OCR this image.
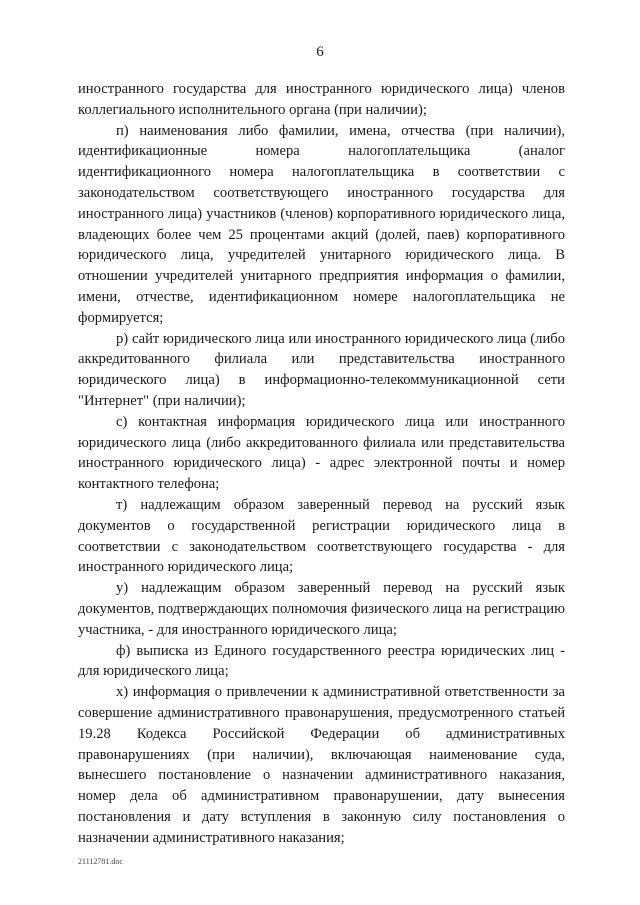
6

иностранного государства для иностранного юридического лица) членов коллегиального исполнительного органа (при наличии);

п) наименования либо фамилии, имена, отчества (при наличии), идентификационные номера налогоплательщика (аналог идентификационного номера налогоплательщика в соответствии с законодательством соответствующего иностранного государства для иностранного лица) участников (членов) корпоративного юридического лица, владеющих более чем 25 процентами акций (долей, паев) корпоративного юридического лица, учредителей унитарного юридического лица. В отношении учредителей унитарного предприятия информация о фамилии, имени, отчестве, идентификационном номере налогоплательщика не формируется;

р) сайт юридического лица или иностранного юридического лица (либо аккредитованного филиала или представительства иностранного юридического лица) в информационно-телекоммуникационной сети "Интернет" (при наличии);

с) контактная информация юридического лица или иностранного юридического лица (либо аккредитованного филиала или представительства иностранного юридического лица) - адрес электронной почты и номер контактного телефона;

т) надлежащим образом заверенный перевод на русский язык документов о государственной регистрации юридического лица в соответствии с законодательством соответствующего государства - для иностранного юридического лица;

у) надлежащим образом заверенный перевод на русский язык документов, подтверждающих полномочия физического лица на регистрацию участника, - для иностранного юридического лица;

ф) выписка из Единого государственного реестра юридических лиц - для юридического лица;

х) информация о привлечении к административной ответственности за совершение административного правонарушения, предусмотренного статьей 19.28 Кодекса Российской Федерации об административных правонарушениях (при наличии), включающая наименование суда, вынесшего постановление о назначении административного наказания, номер дела об административном правонарушении, дату вынесения постановления и дату вступления в законную силу постановления о назначении административного наказания;

21112781.doc
